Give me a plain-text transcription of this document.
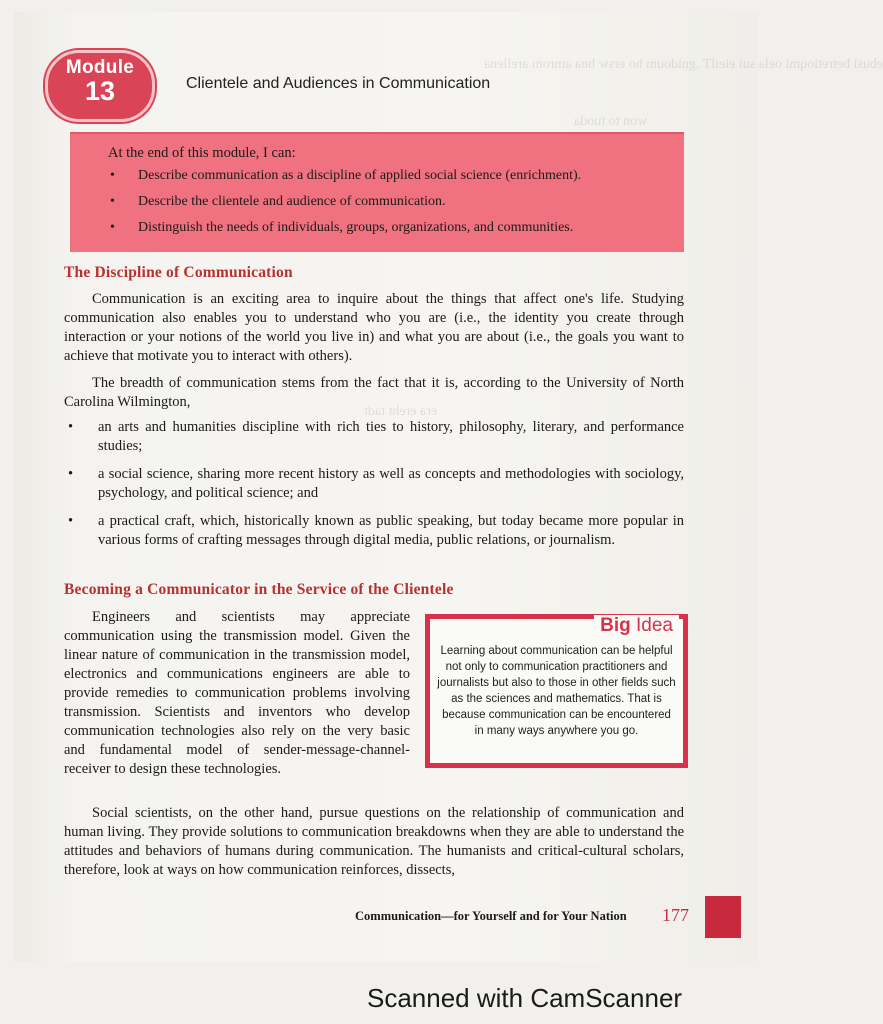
ebusi betretioqmi oela sui eieilT .gnidoum ho ersw bna amrom arellena
won to tuoda
era ereht tadt
Module
13	Clientele and Audiences in Communication
At the end of this module, I can:
• Describe communication as a discipline of applied social science (enrichment).
• Describe the clientele and audience of communication.
• Distinguish the needs of individuals, groups, organizations, and communities.
The Discipline of Communication
Communication is an exciting area to inquire about the things that affect one's life. Studying communication also enables you to understand who you are (i.e., the identity you create through interaction or your notions of the world you live in) and what you are about (i.e., the goals you want to achieve that motivate you to interact with others).
The breadth of communication stems from the fact that it is, according to the University of North Carolina Wilmington,
• an arts and humanities discipline with rich ties to history, philosophy, literary, and performance studies;
• a social science, sharing more recent history as well as concepts and methodologies with sociology, psychology, and political science; and
• a practical craft, which, historically known as public speaking, but today became more popular in various forms of crafting messages through digital media, public relations, or journalism.
Becoming a Communicator in the Service of the Clientele
Engineers and scientists may appreciate communication using the transmission model. Given the linear nature of communication in the transmission model, electronics and communications engineers are able to provide remedies to communication problems involving transmission. Scientists and inventors who develop communication technologies also rely on the very basic and fundamental model of sender-message-channel-receiver to design these technologies.
Big Idea
Learning about communication can be helpful not only to communication practitioners and journalists but also to those in other fields such as the sciences and mathematics. That is because communication can be encountered in many ways anywhere you go.
Social scientists, on the other hand, pursue questions on the relationship of communication and human living. They provide solutions to communication breakdowns when they are able to understand the attitudes and behaviors of humans during communication. The humanists and critical-cultural scholars, therefore, look at ways on how communication reinforces, dissects,
Communication—for Yourself and for Your Nation 177
Scanned with CamScanner
